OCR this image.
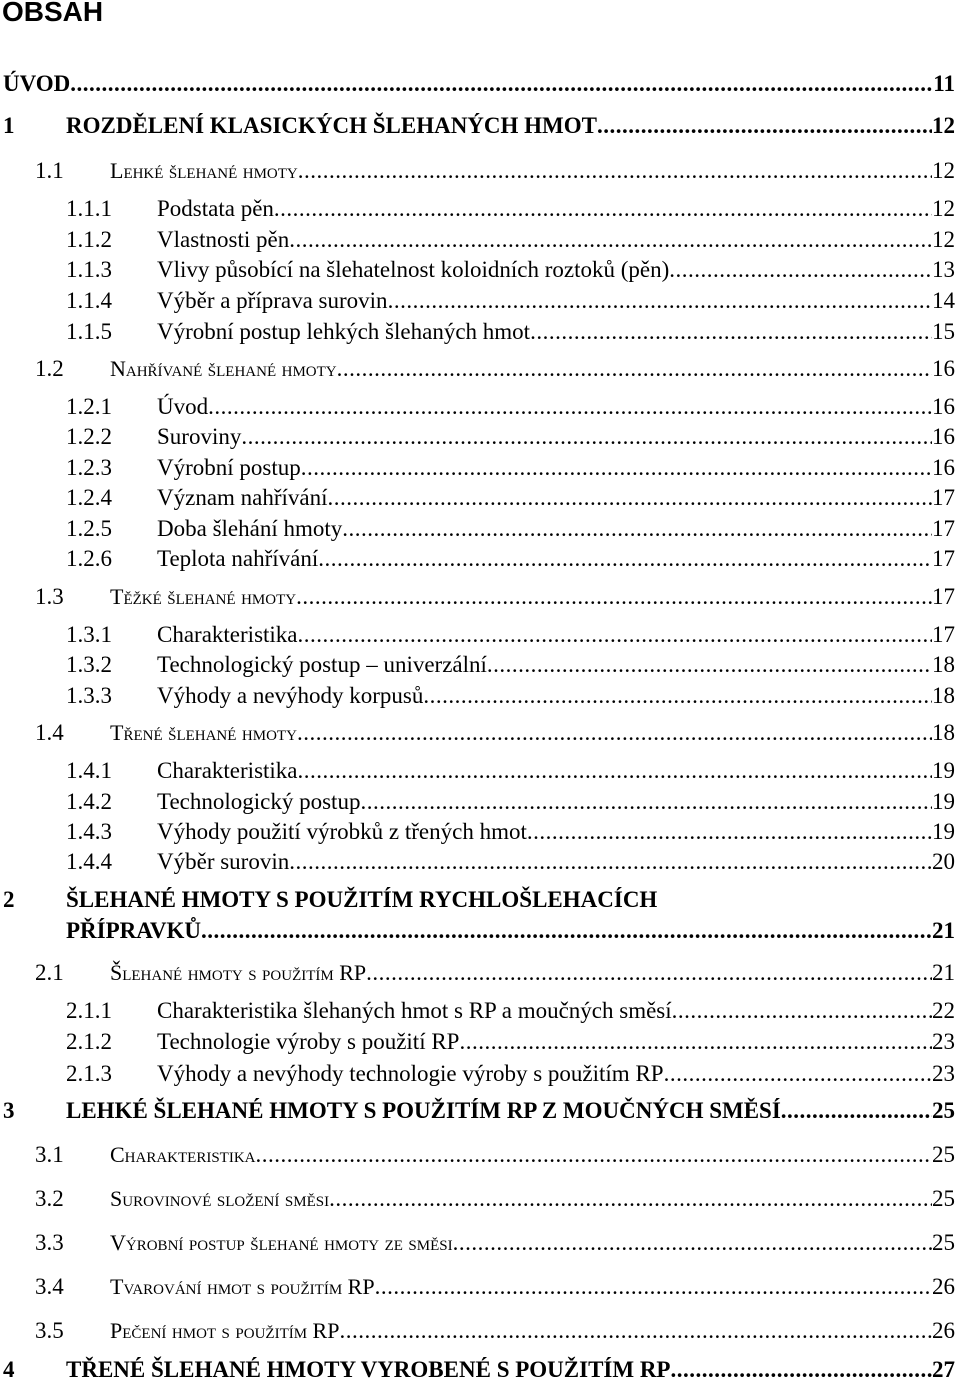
OBSAH
ÚVOD .....	11
1 ROZDĚLENÍ KLASICKÝCH ŠLEHANÝCH HMOT .....	12
1.1 Lehké šlehané hmoty .....	12
1.1.1 Podstata pěn .....	12
1.1.2 Vlastnosti pěn .....	12
1.1.3 Vlivy působící na šlehatelnost koloidních roztoků (pěn) .....	13
1.1.4 Výběr a příprava surovin .....	14
1.1.5 Výrobní postup lehkých šlehaných hmot .....	15
1.2 Nahřívané šlehané hmoty .....	16
1.2.1 Úvod .....	16
1.2.2 Suroviny .....	16
1.2.3 Výrobní postup .....	16
1.2.4 Význam nahřívání .....	17
1.2.5 Doba šlehání hmoty .....	17
1.2.6 Teplota nahřívání .....	17
1.3 Těžké šlehané hmoty .....	17
1.3.1 Charakteristika .....	17
1.3.2 Technologický postup – univerzální .....	18
1.3.3 Výhody a nevýhody korpusů .....	18
1.4 Třené šlehané hmoty .....	18
1.4.1 Charakteristika .....	19
1.4.2 Technologický postup .....	19
1.4.3 Výhody použití výrobků z třených hmot .....	19
1.4.4 Výběr surovin .....	20
2 ŠLEHANÉ HMOTY S POUŽITÍM RYCHLOŠLEHACÍCH
PŘÍPRAVKŮ .....	21
2.1 Šlehané hmoty s použitím RP .....	21
2.1.1 Charakteristika šlehaných hmot s RP a moučných směsí .....	22
2.1.2 Technologie výroby s použití RP .....	23
2.1.3 Výhody a nevýhody technologie výroby s použitím RP .....	23
3 LEHKÉ ŠLEHANÉ HMOTY S POUŽITÍM RP Z MOUČNÝCH SMĚSÍ .....	25
3.1 Charakteristika .....	25
3.2 Surovinové složení směsi .....	25
3.3 Výrobní postup šlehané hmoty ze směsi .....	25
3.4 Tvarování hmot s použitím RP .....	26
3.5 Pečení hmot s použitím RP .....	26
4 TŘENÉ ŠLEHANÉ HMOTY VYROBENÉ S POUŽITÍM RP .....	27
